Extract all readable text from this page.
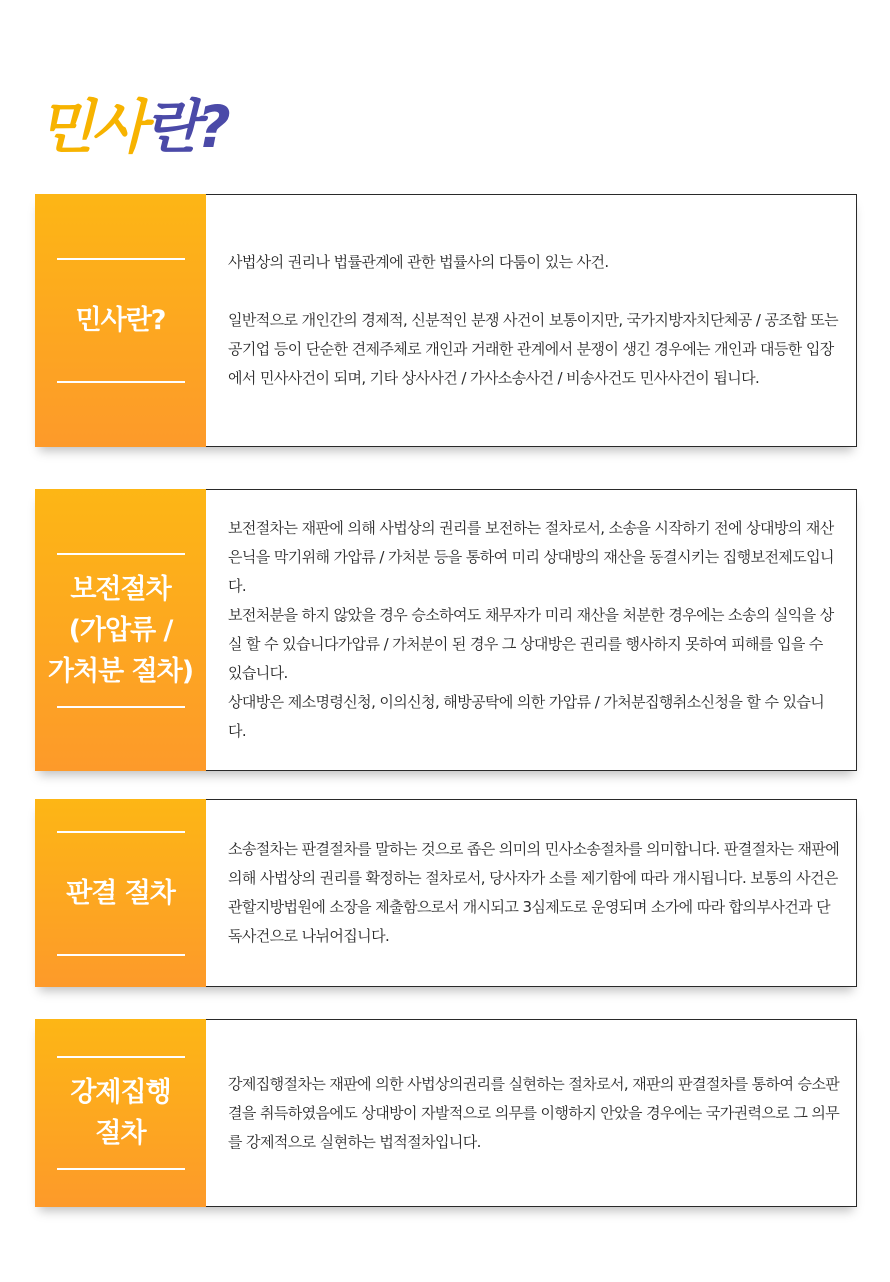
민사란?
민사란?

사법상의 권리나 법률관계에 관한 법률사의 다툼이 있는 사건.

일반적으로 개인간의 경제적, 신분적인 분쟁 사건이 보통이지만, 국가지방자치단체공 / 공조합 또는 공기업 등이 단순한 견제주체로 개인과 거래한 관계에서 분쟁이 생긴 경우에는 개인과 대등한 입장에서 민사사건이 되며, 기타 상사사건 / 가사소송사건 / 비송사건도 민사사건이 됩니다.

보전절차
(가압류 /
가처분 절차)

보전절차는 재판에 의해 사법상의 권리를 보전하는 절차로서, 소송을 시작하기 전에 상대방의 재산 은닉을 막기위해 가압류 / 가처분 등을 통하여 미리 상대방의 재산을 동결시키는 집행보전제도입니다.

보전처분을 하지 않았을 경우 승소하여도 채무자가 미리 재산을 처분한 경우에는 소송의 실익을 상실 할 수 있습니다가압류 / 가처분이 된 경우 그 상대방은 권리를 행사하지 못하여 피해를 입을 수 있습니다.

상대방은 제소명령신청, 이의신청, 해방공탁에 의한 가압류 / 가처분집행취소신청을 할 수 있습니다.

판결 절차

소송절차는 판결절차를 말하는 것으로 좁은 의미의 민사소송절차를 의미합니다. 판결절차는 재판에 의해 사법상의 권리를 확정하는 절차로서, 당사자가 소를 제기함에 따라 개시됩니다. 보통의 사건은 관할지방법원에 소장을 제출함으로서 개시되고 3심제도로 운영되며 소가에 따라 합의부사건과 단독사건으로 나뉘어집니다.

강제집행
절차

강제집행절차는 재판에 의한 사법상의권리를 실현하는 절차로서, 재판의 판결절차를 통하여 승소판결을 취득하였음에도 상대방이 자발적으로 의무를 이행하지 안았을 경우에는 국가권력으로 그 의무를 강제적으로 실현하는 법적절차입니다.
